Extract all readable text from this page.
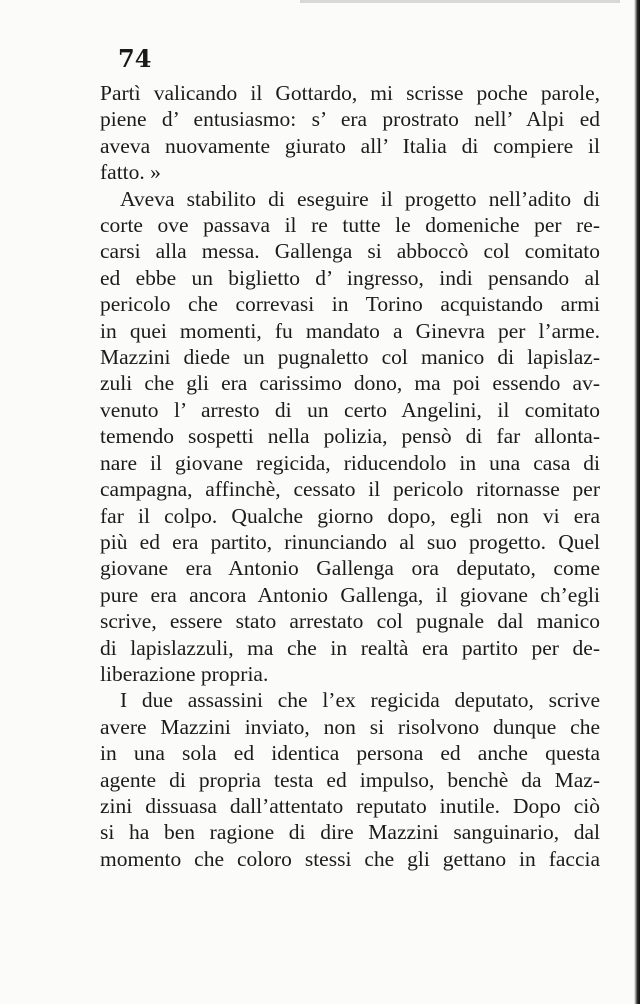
74

Partì valicando il Gottardo, mi scrisse poche parole,
piene d’ entusiasmo: s’ era prostrato nell’ Alpi ed
aveva nuovamente giurato all’ Italia di compiere il
fatto. »
Aveva stabilito di eseguire il progetto nell’adito di
corte ove passava il re tutte le domeniche per re-
carsi alla messa. Gallenga si abboccò col comitato
ed ebbe un biglietto d’ ingresso, indi pensando al
pericolo che correvasi in Torino acquistando armi
in quei momenti, fu mandato a Ginevra per l’arme.
Mazzini diede un pugnaletto col manico di lapislaz-
zuli che gli era carissimo dono, ma poi essendo av-
venuto l’ arresto di un certo Angelini, il comitato
temendo sospetti nella polizia, pensò di far allonta-
nare il giovane regicida, riducendolo in una casa di
campagna, affinchè, cessato il pericolo ritornasse per
far il colpo. Qualche giorno dopo, egli non vi era
più ed era partito, rinunciando al suo progetto. Quel
giovane era Antonio Gallenga ora deputato, come
pure era ancora Antonio Gallenga, il giovane ch’egli
scrive, essere stato arrestato col pugnale dal manico
di lapislazzuli, ma che in realtà era partito per de-
liberazione propria.
I due assassini che l’ex regicida deputato, scrive
avere Mazzini inviato, non si risolvono dunque che
in una sola ed identica persona ed anche questa
agente di propria testa ed impulso, benchè da Maz-
zini dissuasa dall’attentato reputato inutile. Dopo ciò
si ha ben ragione di dire Mazzini sanguinario, dal
momento che coloro stessi che gli gettano in faccia
